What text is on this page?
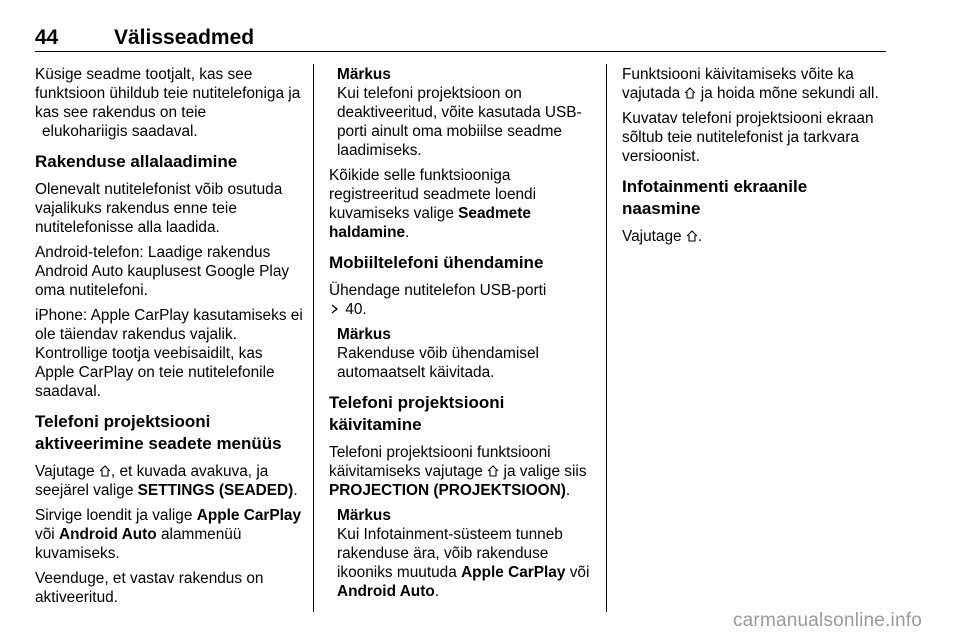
44	Välisseadmed

Küsige seadme tootjalt, kas see funktsioon ühildub teie nutitelefoniga ja kas see rakendus on teie
elukohariigis saadaval.

Rakenduse allalaadimine

Olenevalt nutitelefonist võib osutuda vajalikuks rakendus enne teie nutitelefonisse alla laadida.

Android-telefon: Laadige rakendus Android Auto kauplusest Google Play oma nutitelefoni.

iPhone: Apple CarPlay kasutamiseks ei ole täiendav rakendus vajalik. Kontrollige tootja veebisaidilt, kas Apple CarPlay on teie nutitelefonile saadaval.

Telefoni projektsiooni aktiveerimine seadete menüüs

Vajutage , et kuvada avakuva, ja seejärel valige SETTINGS (SEADED).

Sirvige loendit ja valige Apple CarPlay või Android Auto alammenüü kuvamiseks.

Veenduge, et vastav rakendus on aktiveeritud.

Märkus
Kui telefoni projektsioon on deaktiveeritud, võite kasutada USB- porti ainult oma mobiilse seadme laadimiseks.

Kõikide selle funktsiooniga registreeritud seadmete loendi kuvamiseks valige Seadmete haldamine.

Mobiiltelefoni ühendamine

Ühendage nutitelefon USB-porti
40.

Märkus
Rakenduse võib ühendamisel automaatselt käivitada.
Telefoni projektsiooni käivitamine

Telefoni projektsiooni funktsiooni käivitamiseks vajutage ja valige siis PROJECTION (PROJEKTSIOON).

Märkus
Kui Infotainment-süsteem tunneb rakenduse ära, võib rakenduse ikooniks muutuda Apple CarPlay või Android Auto.

Funktsiooni käivitamiseks võite ka vajutada ja hoida mõne sekundi all.

Kuvatav telefoni projektsiooni ekraan sõltub teie nutitelefonist ja tarkvara versioonist.

Infotainmenti ekraanile naasmine

Vajutage .

carmanualsonline.info
